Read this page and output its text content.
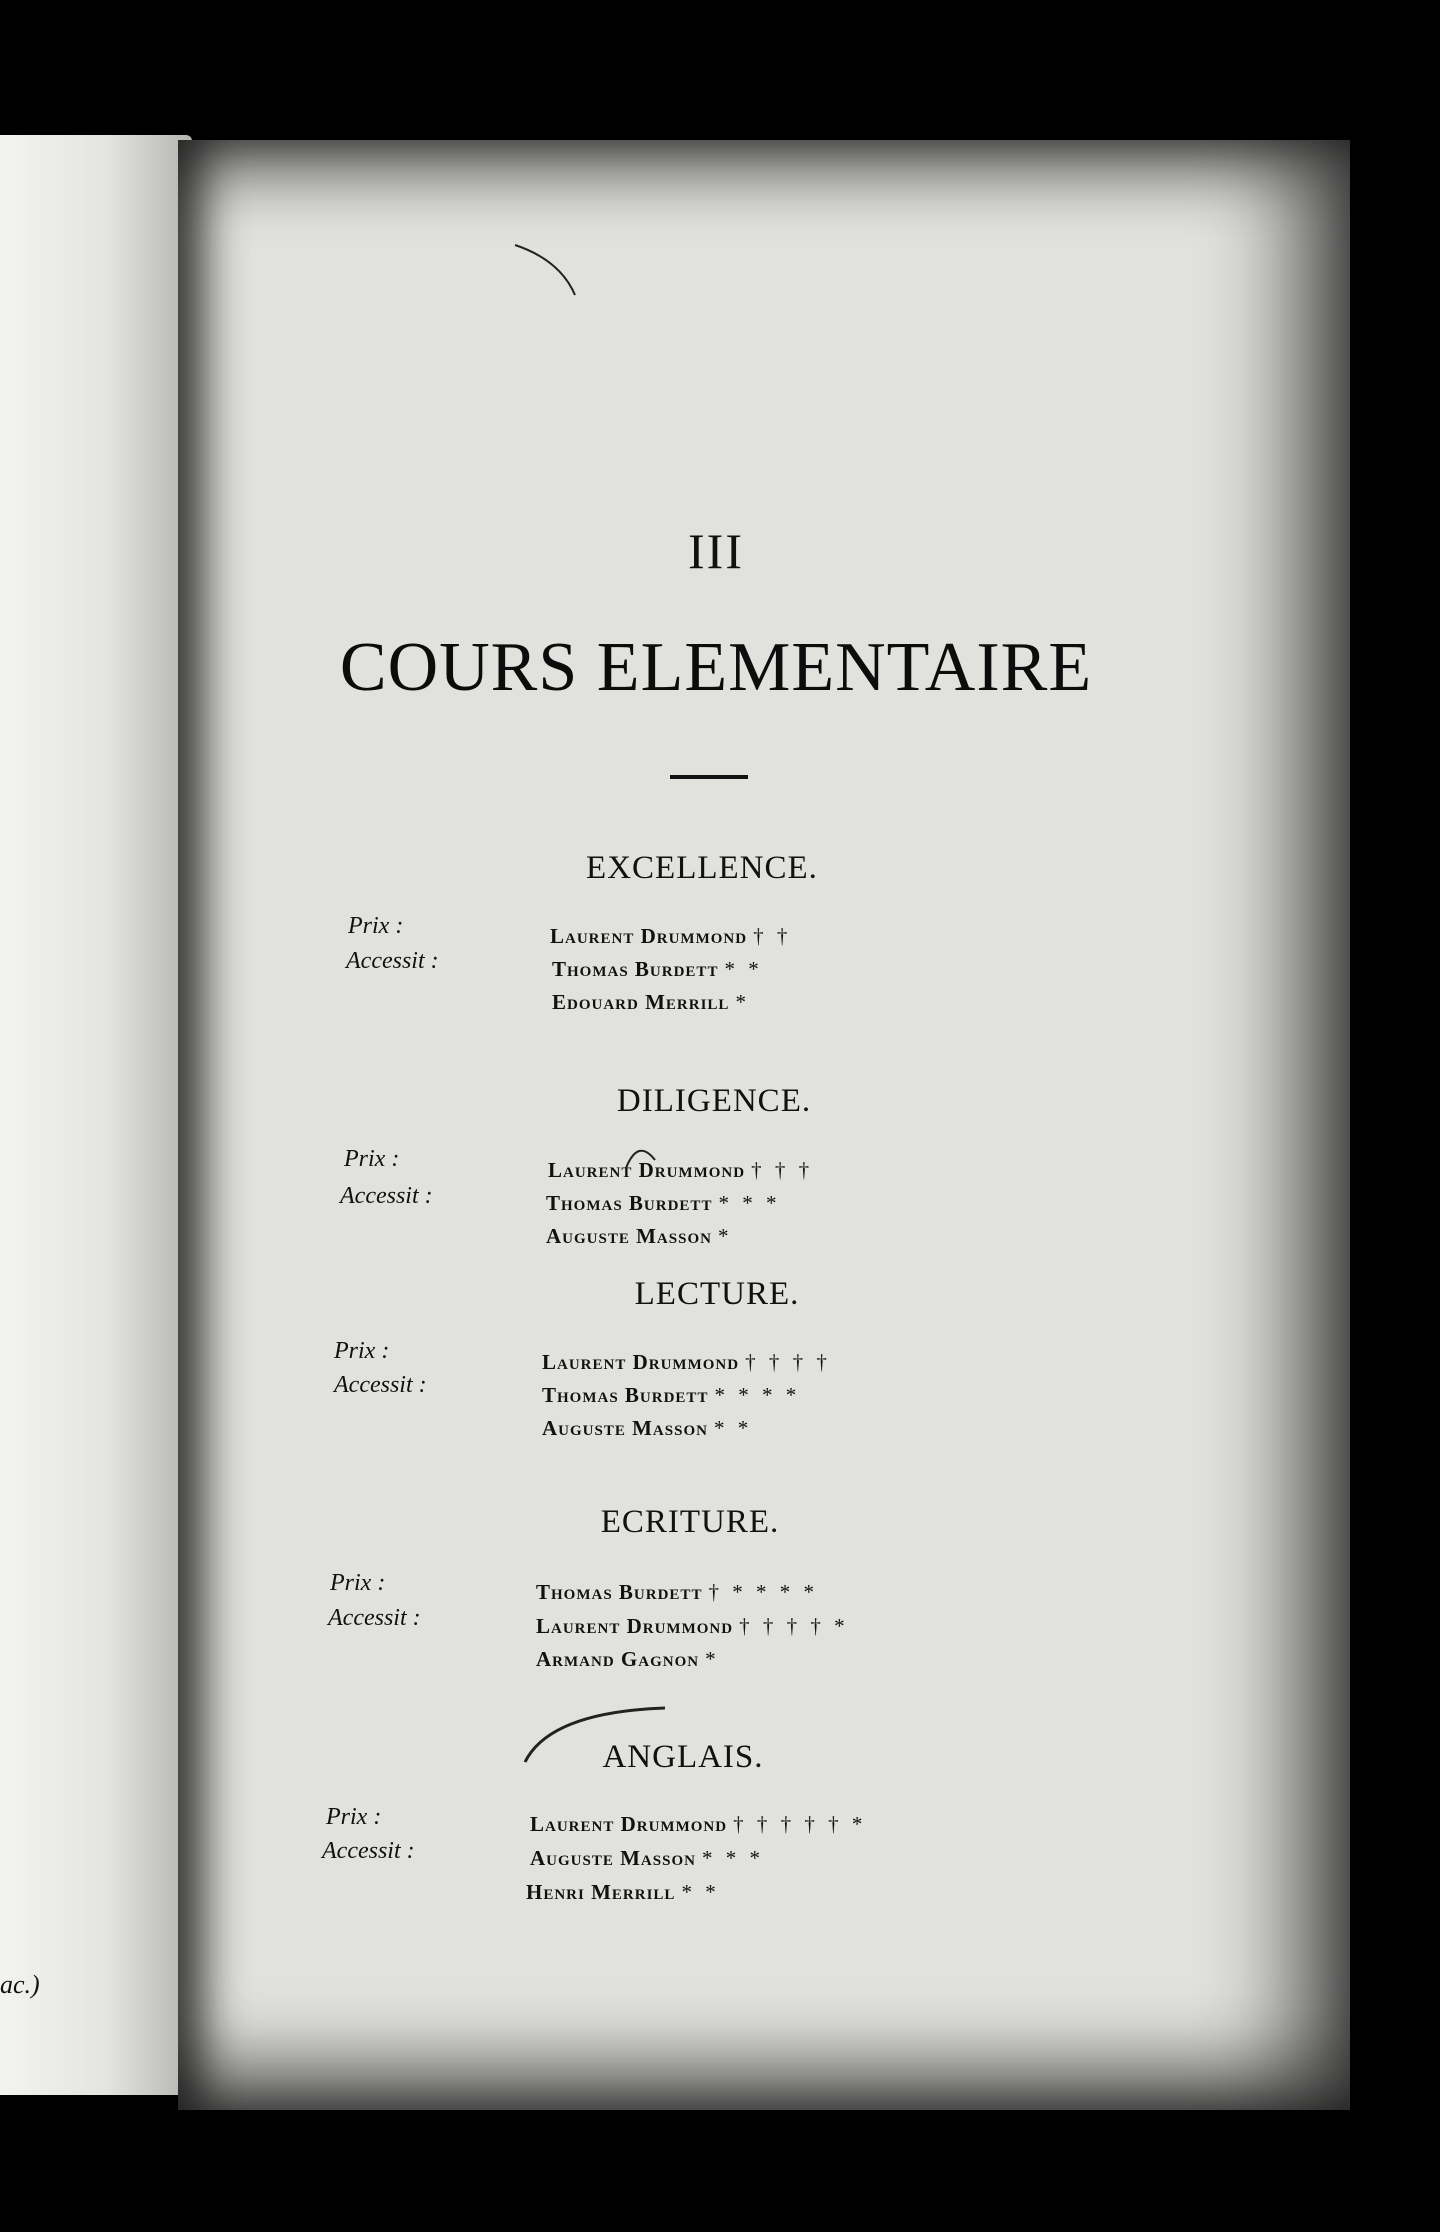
ac.)
III
COURS ELEMENTAIRE
EXCELLENCE.
Prix :
Accessit :
Laurent Drummond † †
Thomas Burdett * *
Edouard Merrill *
DILIGENCE.
Prix :
Accessit :
Laurent Drummond † † †
Thomas Burdett * * *
Auguste Masson *
LECTURE.
Prix :
Accessit :
Laurent Drummond † † † †
Thomas Burdett * * * *
Auguste Masson * *
ECRITURE.
Prix :
Accessit :
Thomas Burdett † * * * *
Laurent Drummond † † † † *
Armand Gagnon *
ANGLAIS.
Prix :
Accessit :
Laurent Drummond † † † † † *
Auguste Masson * * *
Henri Merrill * *
